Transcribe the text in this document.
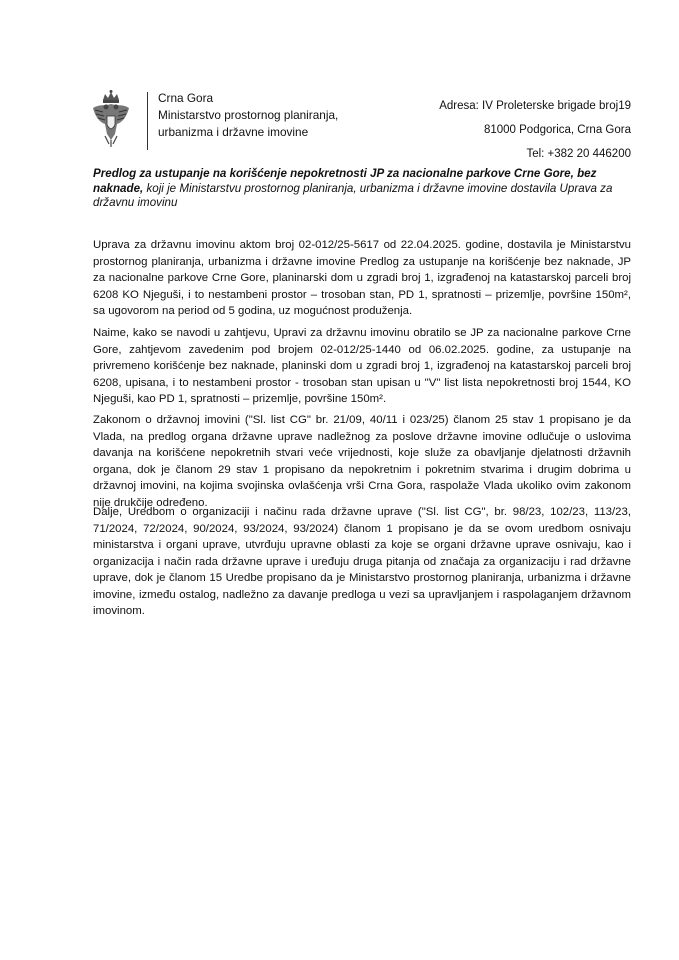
Crna Gora
Ministarstvo prostornog planiranja,
urbanizma i državne imovine
Adresa: IV Proleterske brigade broj19
81000 Podgorica, Crna Gora
Tel: +382 20 446200
Predlog za ustupanje na korišćenje nepokretnosti JP za nacionalne parkove Crne Gore, bez naknade, koji je Ministarstvu prostornog planiranja, urbanizma i državne imovine dostavila Uprava za državnu imovinu
Uprava za državnu imovinu aktom broj 02-012/25-5617 od 22.04.2025. godine, dostavila je Ministarstvu prostornog planiranja, urbanizma i državne imovine Predlog za ustupanje na korišćenje bez naknade, JP za nacionalne parkove Crne Gore, planinarski dom u zgradi broj 1, izgrađenoj na katastarskoj parceli broj 6208 KO Njeguši, i to nestambeni prostor – trosoban stan, PD 1, spratnosti – prizemlje, površine 150m², sa ugovorom na period od 5 godina, uz mogućnost produženja.
Naime, kako se navodi u zahtjevu, Upravi za državnu imovinu obratilo se JP za nacionalne parkove Crne Gore, zahtjevom zavedenim pod brojem 02-012/25-1440 od 06.02.2025. godine, za ustupanje na privremeno korišćenje bez naknade, planinski dom u zgradi broj 1, izgrađenoj na katastarskoj parceli broj 6208, upisana, i to nestambeni prostor - trosoban stan upisan u "V" list lista nepokretnosti broj 1544, KO Njeguši, kao PD 1, spratnosti – prizemlje, površine 150m².
Zakonom o državnoj imovini ("Sl. list CG" br. 21/09, 40/11 i 023/25) članom 25 stav 1 propisano je da Vlada, na predlog organa državne uprave nadležnog za poslove državne imovine odlučuje o uslovima davanja na korišćene nepokretnih stvari veće vrijednosti, koje služe za obavljanje djelatnosti državnih organa, dok je članom 29 stav 1 propisano da nepokretnim i pokretnim stvarima i drugim dobrima u državnoj imovini, na kojima svojinska ovlašćenja vrši Crna Gora, raspolaže Vlada ukoliko ovim zakonom nije drukčije određeno.
Dalje, Uredbom o organizaciji i načinu rada državne uprave ("Sl. list CG", br. 98/23, 102/23, 113/23, 71/2024, 72/2024, 90/2024, 93/2024, 93/2024) članom 1 propisano je da se ovom uredbom osnivaju ministarstva i organi uprave, utvrđuju upravne oblasti za koje se organi državne uprave osnivaju, kao i organizacija i način rada državne uprave i uređuju druga pitanja od značaja za organizaciju i rad državne uprave, dok je članom 15 Uredbe propisano da je Ministarstvo prostornog planiranja, urbanizma i državne imovine, između ostalog, nadležno za davanje predloga u vezi sa upravljanjem i raspolaganjem državnom imovinom.
